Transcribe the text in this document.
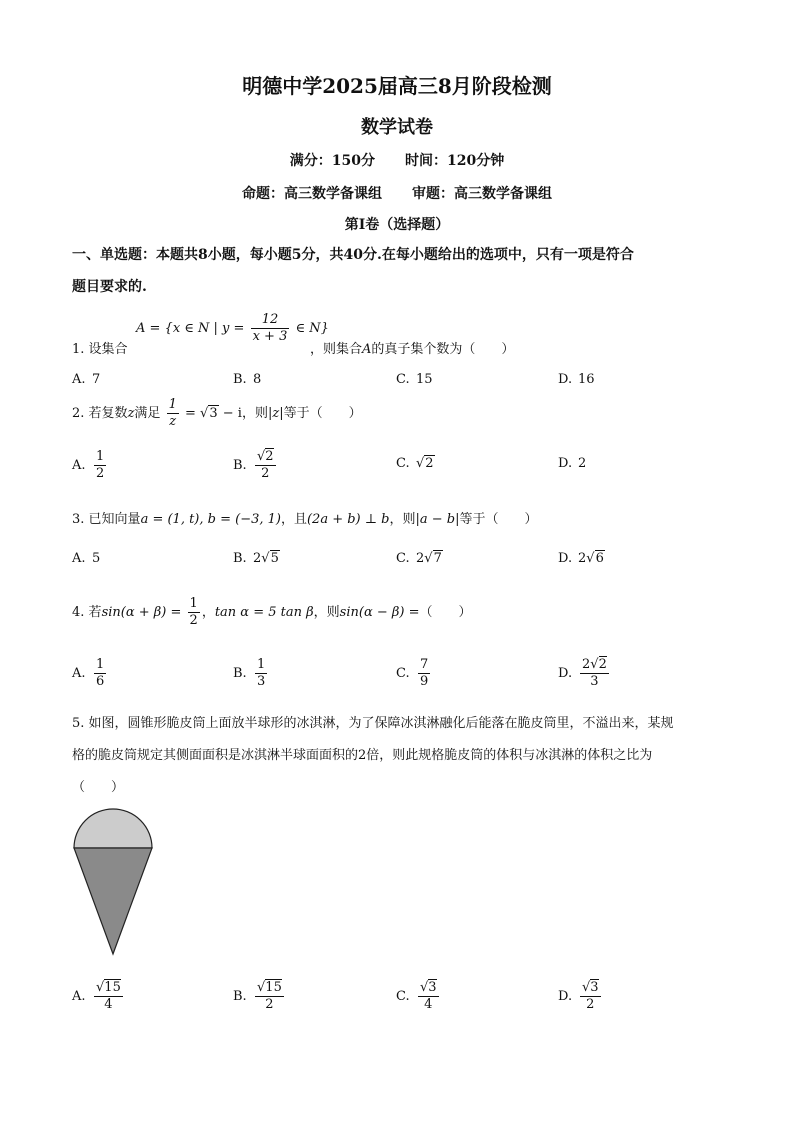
明德中学2025届高三8月阶段检测
数学试卷
满分：150分 时间：120分钟
命题：高三数学备课组 审题：高三数学备课组
第I卷（选择题）
一、单选题：本题共8小题，每小题5分，共40分.在每小题给出的选项中，只有一项是符合
题目要求的.
1. 设集合
A = {x ∈ N | $y = \frac{12}{x + 3}$ ∈ N}
，则集合A的真子集个数为（　　）
A. 7	B. 8	C. 15	D. 16
2. 若复数z满足 $\frac{1}{z} = √3 - i$，则|z|等于（　　）
A. $\frac{1}{2}$	B. $\frac{√2}{2}$	C. √2	D. 2
3. 已知向量a = (1, t), b = (−3, 1)，且(2a + b) ⊥ b，则|a − b|等于（　　）
A. 5	B. 2√5	C. 2√7	D. 2√6
4. 若$\sin(\alpha + \beta) = \frac{1}{2}$ ，tan α = 5 tan β，则sin(α − β) =（　　）
A. $\frac{1}{6}$	B. $\frac{1}{3}$	C. $\frac{7}{9}$	D. $\frac{2√2}{3}$
5. 如图，圆锥形脆皮筒上面放半球形的冰淇淋，为了保障冰淇淋融化后能落在脆皮筒里，不溢出来，某规
格的脆皮筒规定其侧面面积是冰淇淋半球面面积的2倍，则此规格脆皮筒的体积与冰淇淋的体积之比为
（　　）
A. $\frac{√15}{4}$	B. $\frac{√15}{2}$	C. $\frac{√3}{4}$	D. $\frac{√3}{2}$
